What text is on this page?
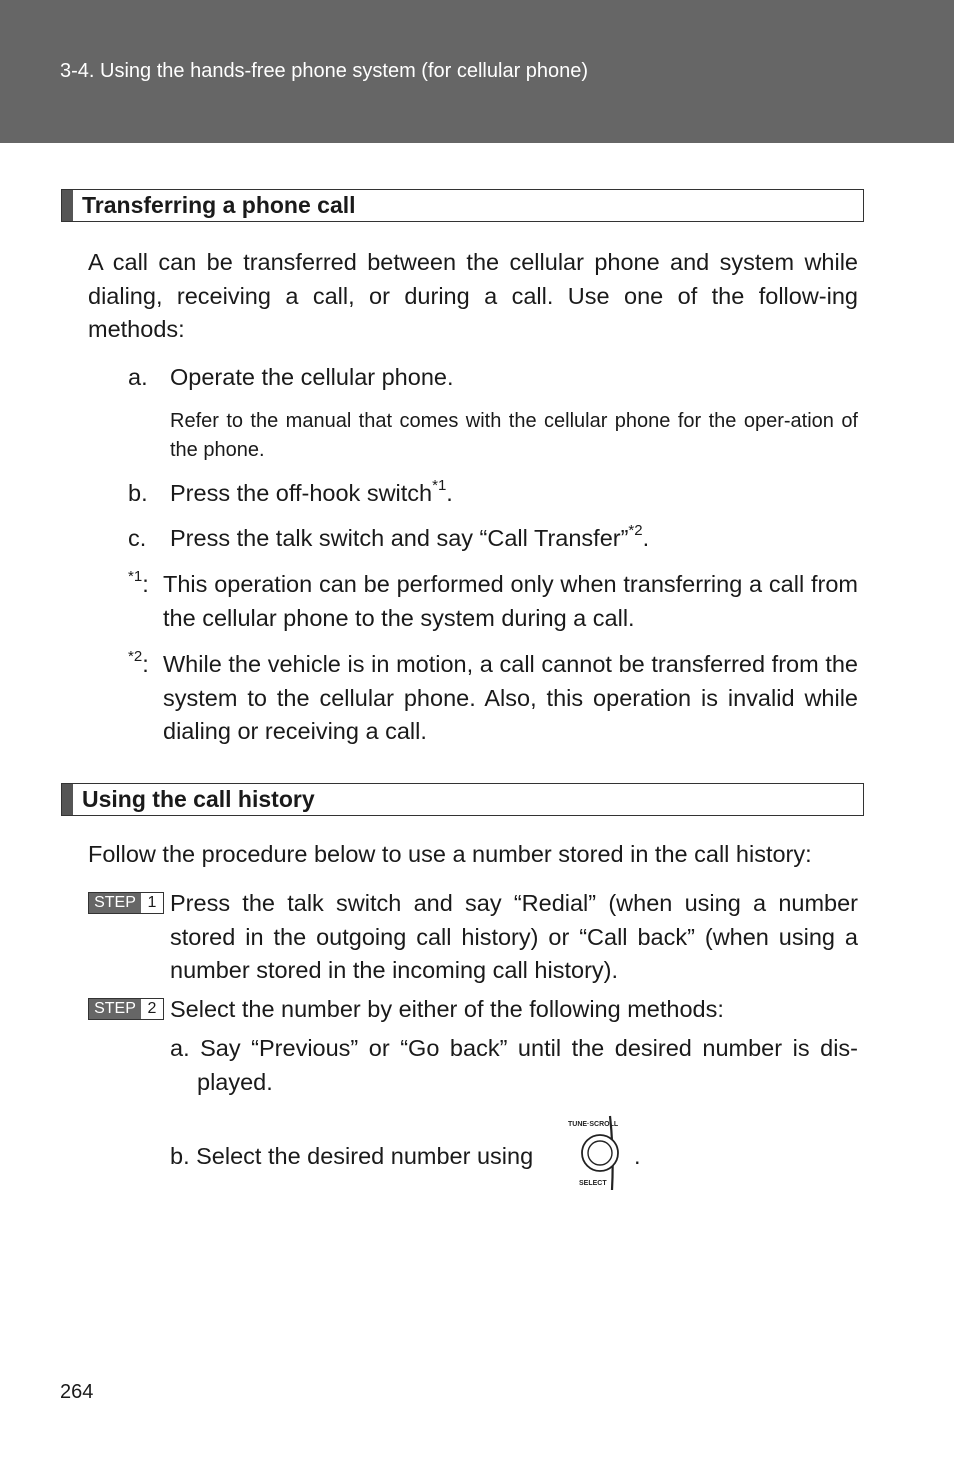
3-4. Using the hands-free phone system (for cellular phone)
Transferring a phone call
A call can be transferred between the cellular phone and system while dialing, receiving a call, or during a call. Use one of the follow-ing methods:
a. Operate the cellular phone.
Refer to the manual that comes with the cellular phone for the oper-ation of the phone.
b. Press the off-hook switch$^{*1}$.
c. Press the talk switch and say “Call Transfer”$^{*2}$.
$^{*1}$: This operation can be performed only when transferring a call from the cellular phone to the system during a call.
$^{*2}$: While the vehicle is in motion, a call cannot be transferred from the system to the cellular phone. Also, this operation is invalid while dialing or receiving a call.
Using the call history
Follow the procedure below to use a number stored in the call history:
STEP 1 Press the talk switch and say “Redial” (when using a number stored in the outgoing call history) or “Call back” (when using a number stored in the incoming call history).
STEP 2 Select the number by either of the following methods:
a. Say “Previous” or “Go back” until the desired number is dis-played.
b. Select the desired number using
TUNE·SCROLL
SELECT
.
264
